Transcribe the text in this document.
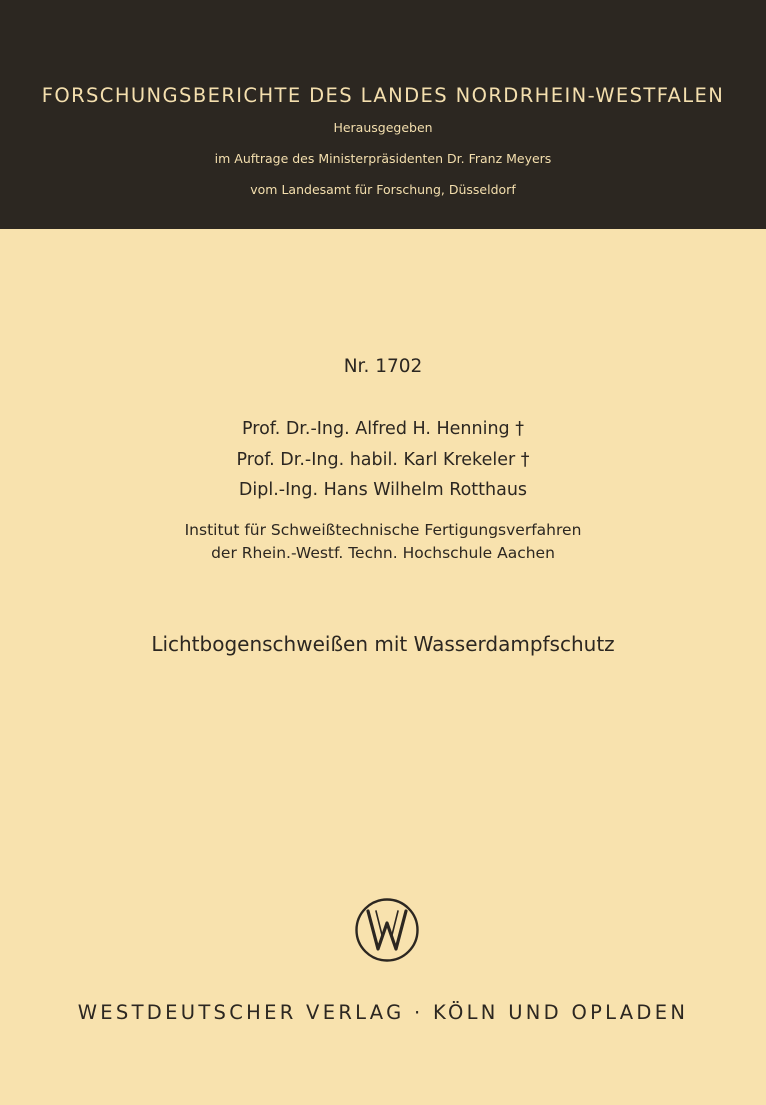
FORSCHUNGSBERICHTE DES LANDES NORDRHEIN-WESTFALEN
Herausgegeben
im Auftrage des Ministerpräsidenten Dr. Franz Meyers
vom Landesamt für Forschung, Düsseldorf
Nr. 1702
Prof. Dr.-Ing. Alfred H. Henning †
Prof. Dr.-Ing. habil. Karl Krekeler †
Dipl.-Ing. Hans Wilhelm Rotthaus
Institut für Schweißtechnische Fertigungsverfahren
der Rhein.-Westf. Techn. Hochschule Aachen
Lichtbogenschweißen mit Wasserdampfschutz
WESTDEUTSCHER VERLAG · KÖLN UND OPLADEN
